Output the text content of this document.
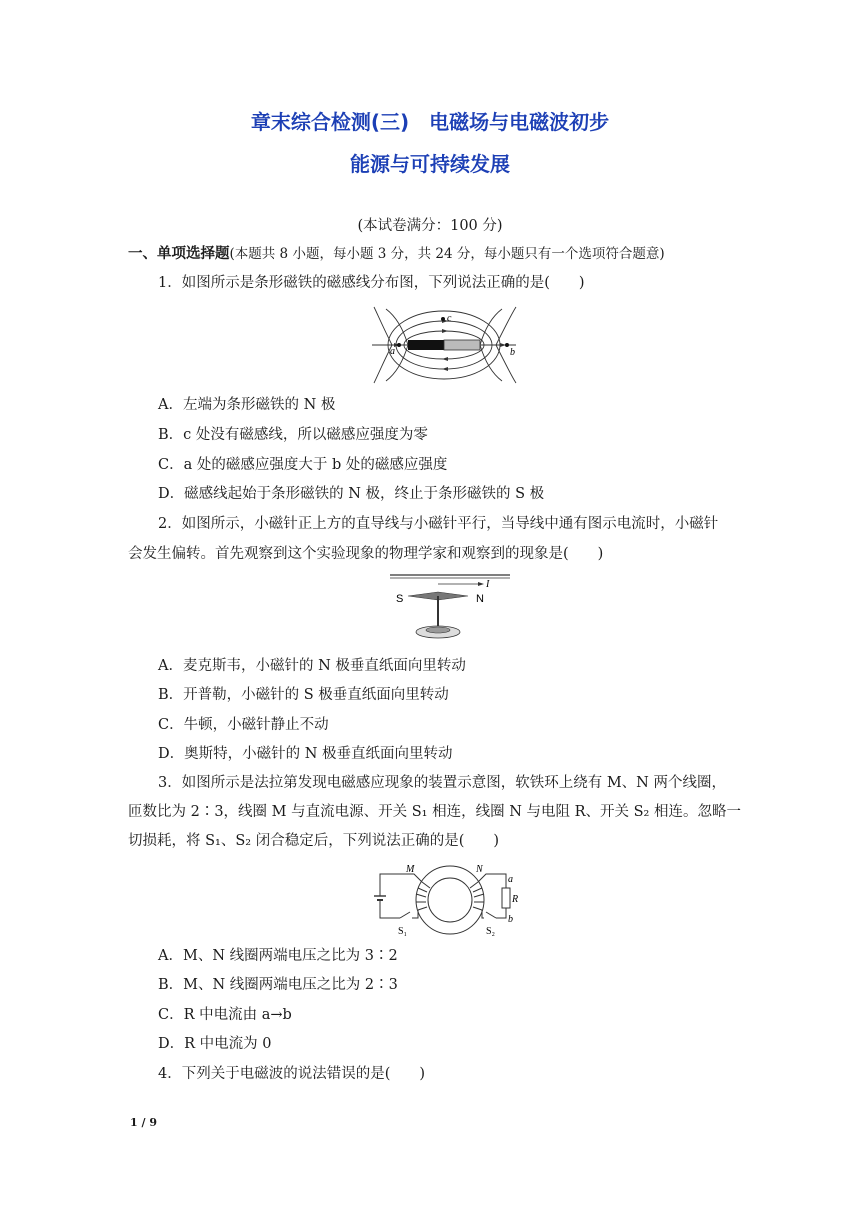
章末综合检测(三)　电磁场与电磁波初步
能源与可持续发展
(本试卷满分：100 分)
一、单项选择题(本题共 8 小题，每小题 3 分，共 24 分，每小题只有一个选项符合题意)
1．如图所示是条形磁铁的磁感线分布图，下列说法正确的是(　　)
c
a	b
A．左端为条形磁铁的 N 极
B．c 处没有磁感线，所以磁感应强度为零
C．a 处的磁感应强度大于 b 处的磁感应强度
D．磁感线起始于条形磁铁的 N 极，终止于条形磁铁的 S 极
2．如图所示，小磁针正上方的直导线与小磁针平行，当导线中通有图示电流时，小磁针
会发生偏转。首先观察到这个实验现象的物理学家和观察到的现象是(　　)
I
S	N
A．麦克斯韦，小磁针的 N 极垂直纸面向里转动
B．开普勒，小磁针的 S 极垂直纸面向里转动
C．牛顿，小磁针静止不动
D．奥斯特，小磁针的 N 极垂直纸面向里转动
3．如图所示是法拉第发现电磁感应现象的装置示意图，软铁环上绕有 M、N 两个线圈，
匝数比为 2∶3，线圈 M 与直流电源、开关 S₁ 相连，线圈 N 与电阻 R、开关 S₂ 相连。忽略一
切损耗，将 S₁、S₂ 闭合稳定后，下列说法正确的是(　　)
M	N
a
R
b
S₁	S₂
A．M、N 线圈两端电压之比为 3∶2
B．M、N 线圈两端电压之比为 2∶3
C．R 中电流由 a→b
D．R 中电流为 0
4．下列关于电磁波的说法错误的是(　　)
1 / 9
